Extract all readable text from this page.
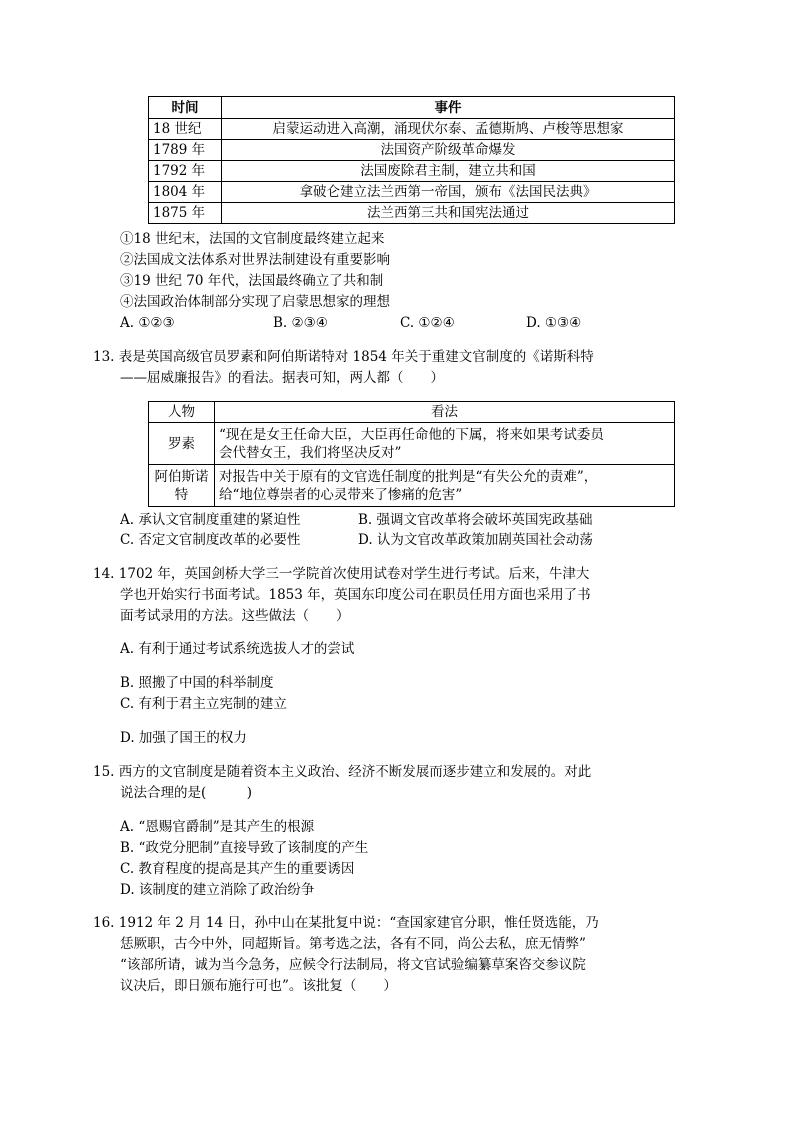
时间	事件
18 世纪	启蒙运动进入高潮，涌现伏尔泰、孟德斯鸠、卢梭等思想家
1789 年	法国资产阶级革命爆发
1792 年	法国废除君主制，建立共和国
1804 年	拿破仑建立法兰西第一帝国，颁布《法国民法典》
1875 年	法兰西第三共和国宪法通过
①18 世纪末，法国的文官制度最终建立起来
②法国成文法体系对世界法制建设有重要影响
③19 世纪 70 年代，法国最终确立了共和制
④法国政治体制部分实现了启蒙思想家的理想
A. ①②③	B. ②③④	C. ①②④	D. ①③④
13. 表是英国高级官员罗素和阿伯斯诺特对 1854 年关于重建文官制度的《诺斯科特
——屈威廉报告》的看法。据表可知，两人都（　　）
人物	看法
罗素	“现在是女王任命大臣，大臣再任命他的下属，将来如果考试委员
会代替女王，我们将坚决反对”

阿伯斯诺特	对报告中关于原有的文官选任制度的批判是“有失公允的责难”，
给“地位尊崇者的心灵带来了惨痛的危害”
A. 承认文官制度重建的紧迫性	B. 强调文官改革将会破坏英国宪政基础
C. 否定文官制度改革的必要性	D. 认为文官改革政策加剧英国社会动荡
14. 1702 年，英国剑桥大学三一学院首次使用试卷对学生进行考试。后来，牛津大
学也开始实行书面考试。1853 年，英国东印度公司在职员任用方面也采用了书
面考试录用的方法。这些做法（　　）
A. 有利于通过考试系统选拔人才的尝试
B. 照搬了中国的科举制度
C. 有利于君主立宪制的建立
D. 加强了国王的权力
15. 西方的文官制度是随着资本主义政治、经济不断发展而逐步建立和发展的。对此
说法合理的是(　　　)
A. “恩赐官爵制”是其产生的根源
B. “政党分肥制”直接导致了该制度的产生
C. 教育程度的提高是其产生的重要诱因
D. 该制度的建立消除了政治纷争
16. 1912 年 2 月 14 日，孙中山在某批复中说：“查国家建官分职，惟任贤选能，乃
恁厥职，古今中外，同超斯旨。第考选之法，各有不同，尚公去私，庶无情弊”
“该部所请，诚为当今急务，应候令行法制局，将文官试验编纂草案咨交参议院
议决后，即日颁布施行可也”。该批复（　　）
